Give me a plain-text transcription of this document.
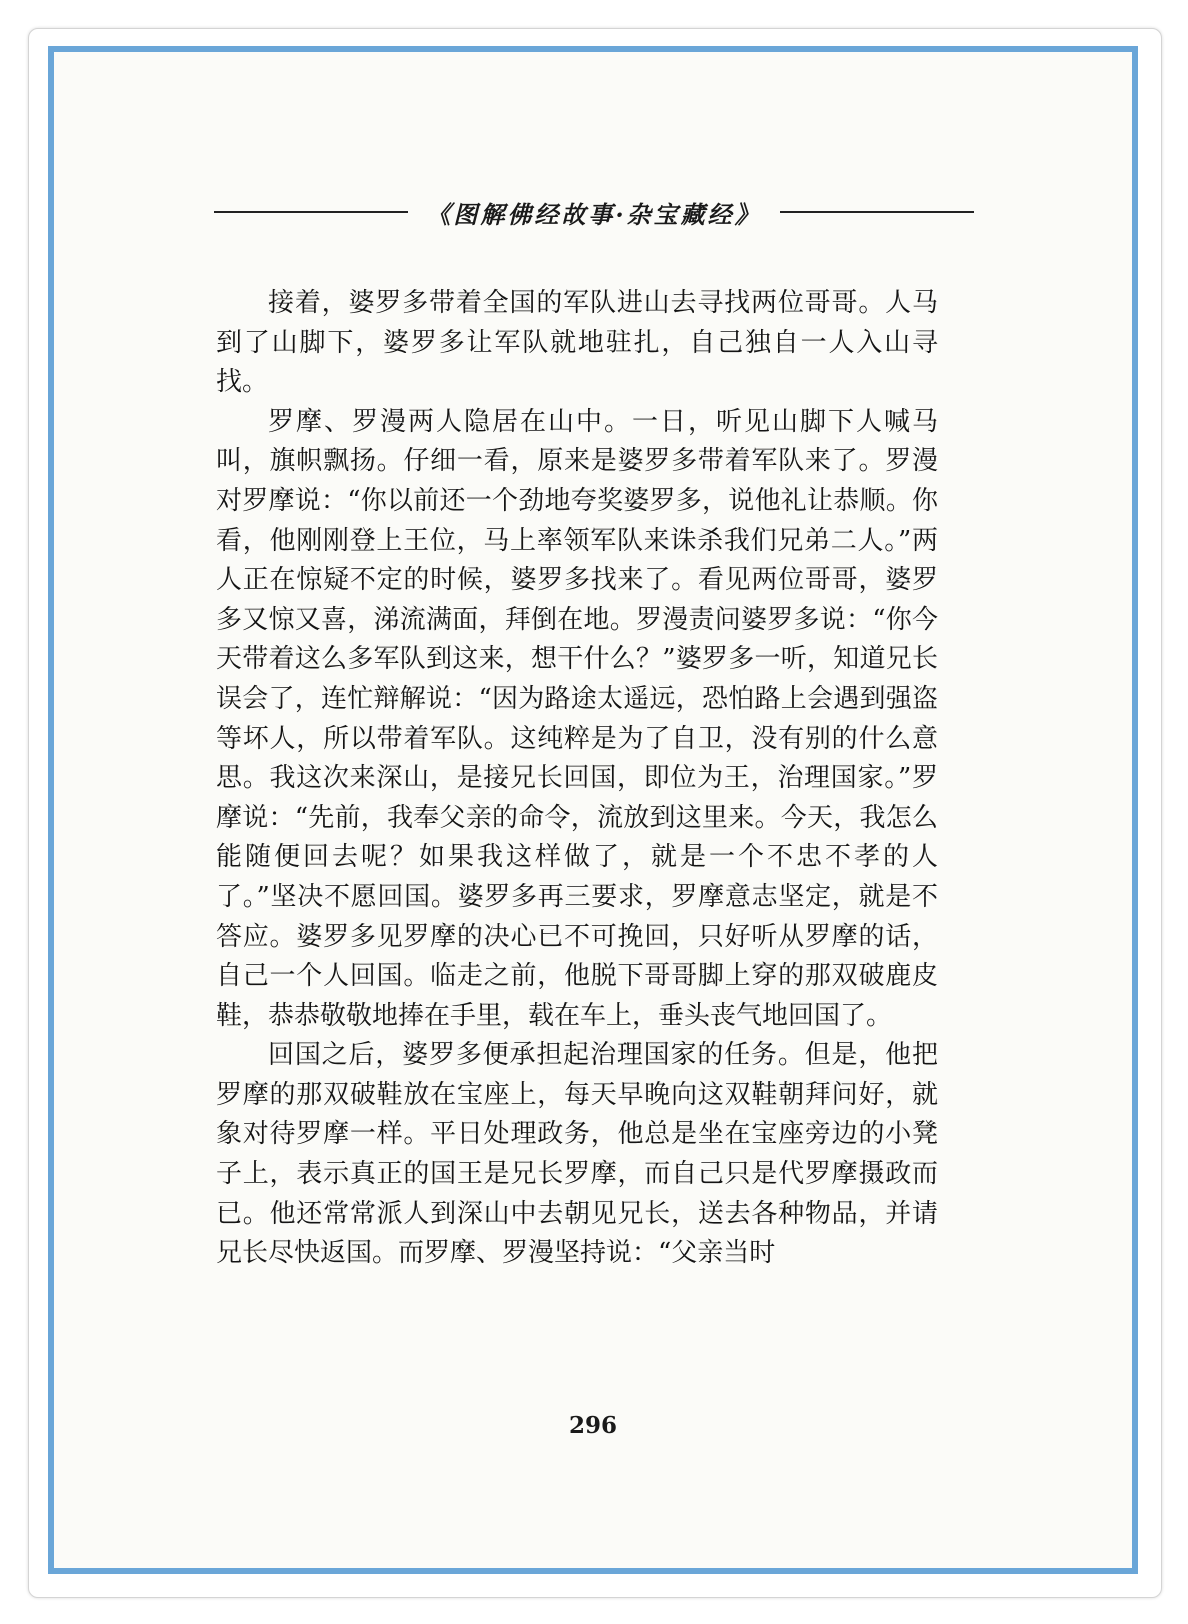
《图解佛经故事·杂宝藏经》

接着，婆罗多带着全国的军队进山去寻找两位哥哥。人马到了山脚下，婆罗多让军队就地驻扎，自己独自一人入山寻找。

罗摩、罗漫两人隐居在山中。一日，听见山脚下人喊马叫，旗帜飘扬。仔细一看，原来是婆罗多带着军队来了。罗漫对罗摩说：“你以前还一个劲地夸奖婆罗多，说他礼让恭顺。你看，他刚刚登上王位，马上率领军队来诛杀我们兄弟二人。”两人正在惊疑不定的时候，婆罗多找来了。看见两位哥哥，婆罗多又惊又喜，涕流满面，拜倒在地。罗漫责问婆罗多说：“你今天带着这么多军队到这来，想干什么？”婆罗多一听，知道兄长误会了，连忙辩解说：“因为路途太遥远，恐怕路上会遇到强盗等坏人，所以带着军队。这纯粹是为了自卫，没有别的什么意思。我这次来深山，是接兄长回国，即位为王，治理国家。”罗摩说：“先前，我奉父亲的命令，流放到这里来。今天，我怎么能随便回去呢？如果我这样做了，就是一个不忠不孝的人了。”坚决不愿回国。婆罗多再三要求，罗摩意志坚定，就是不答应。婆罗多见罗摩的决心已不可挽回，只好听从罗摩的话，自己一个人回国。临走之前，他脱下哥哥脚上穿的那双破鹿皮鞋，恭恭敬敬地捧在手里，载在车上，垂头丧气地回国了。

回国之后，婆罗多便承担起治理国家的任务。但是，他把罗摩的那双破鞋放在宝座上，每天早晚向这双鞋朝拜问好，就象对待罗摩一样。平日处理政务，他总是坐在宝座旁边的小凳子上，表示真正的国王是兄长罗摩，而自己只是代罗摩摄政而已。他还常常派人到深山中去朝见兄长，送去各种物品，并请兄长尽快返国。而罗摩、罗漫坚持说：“父亲当时

296
